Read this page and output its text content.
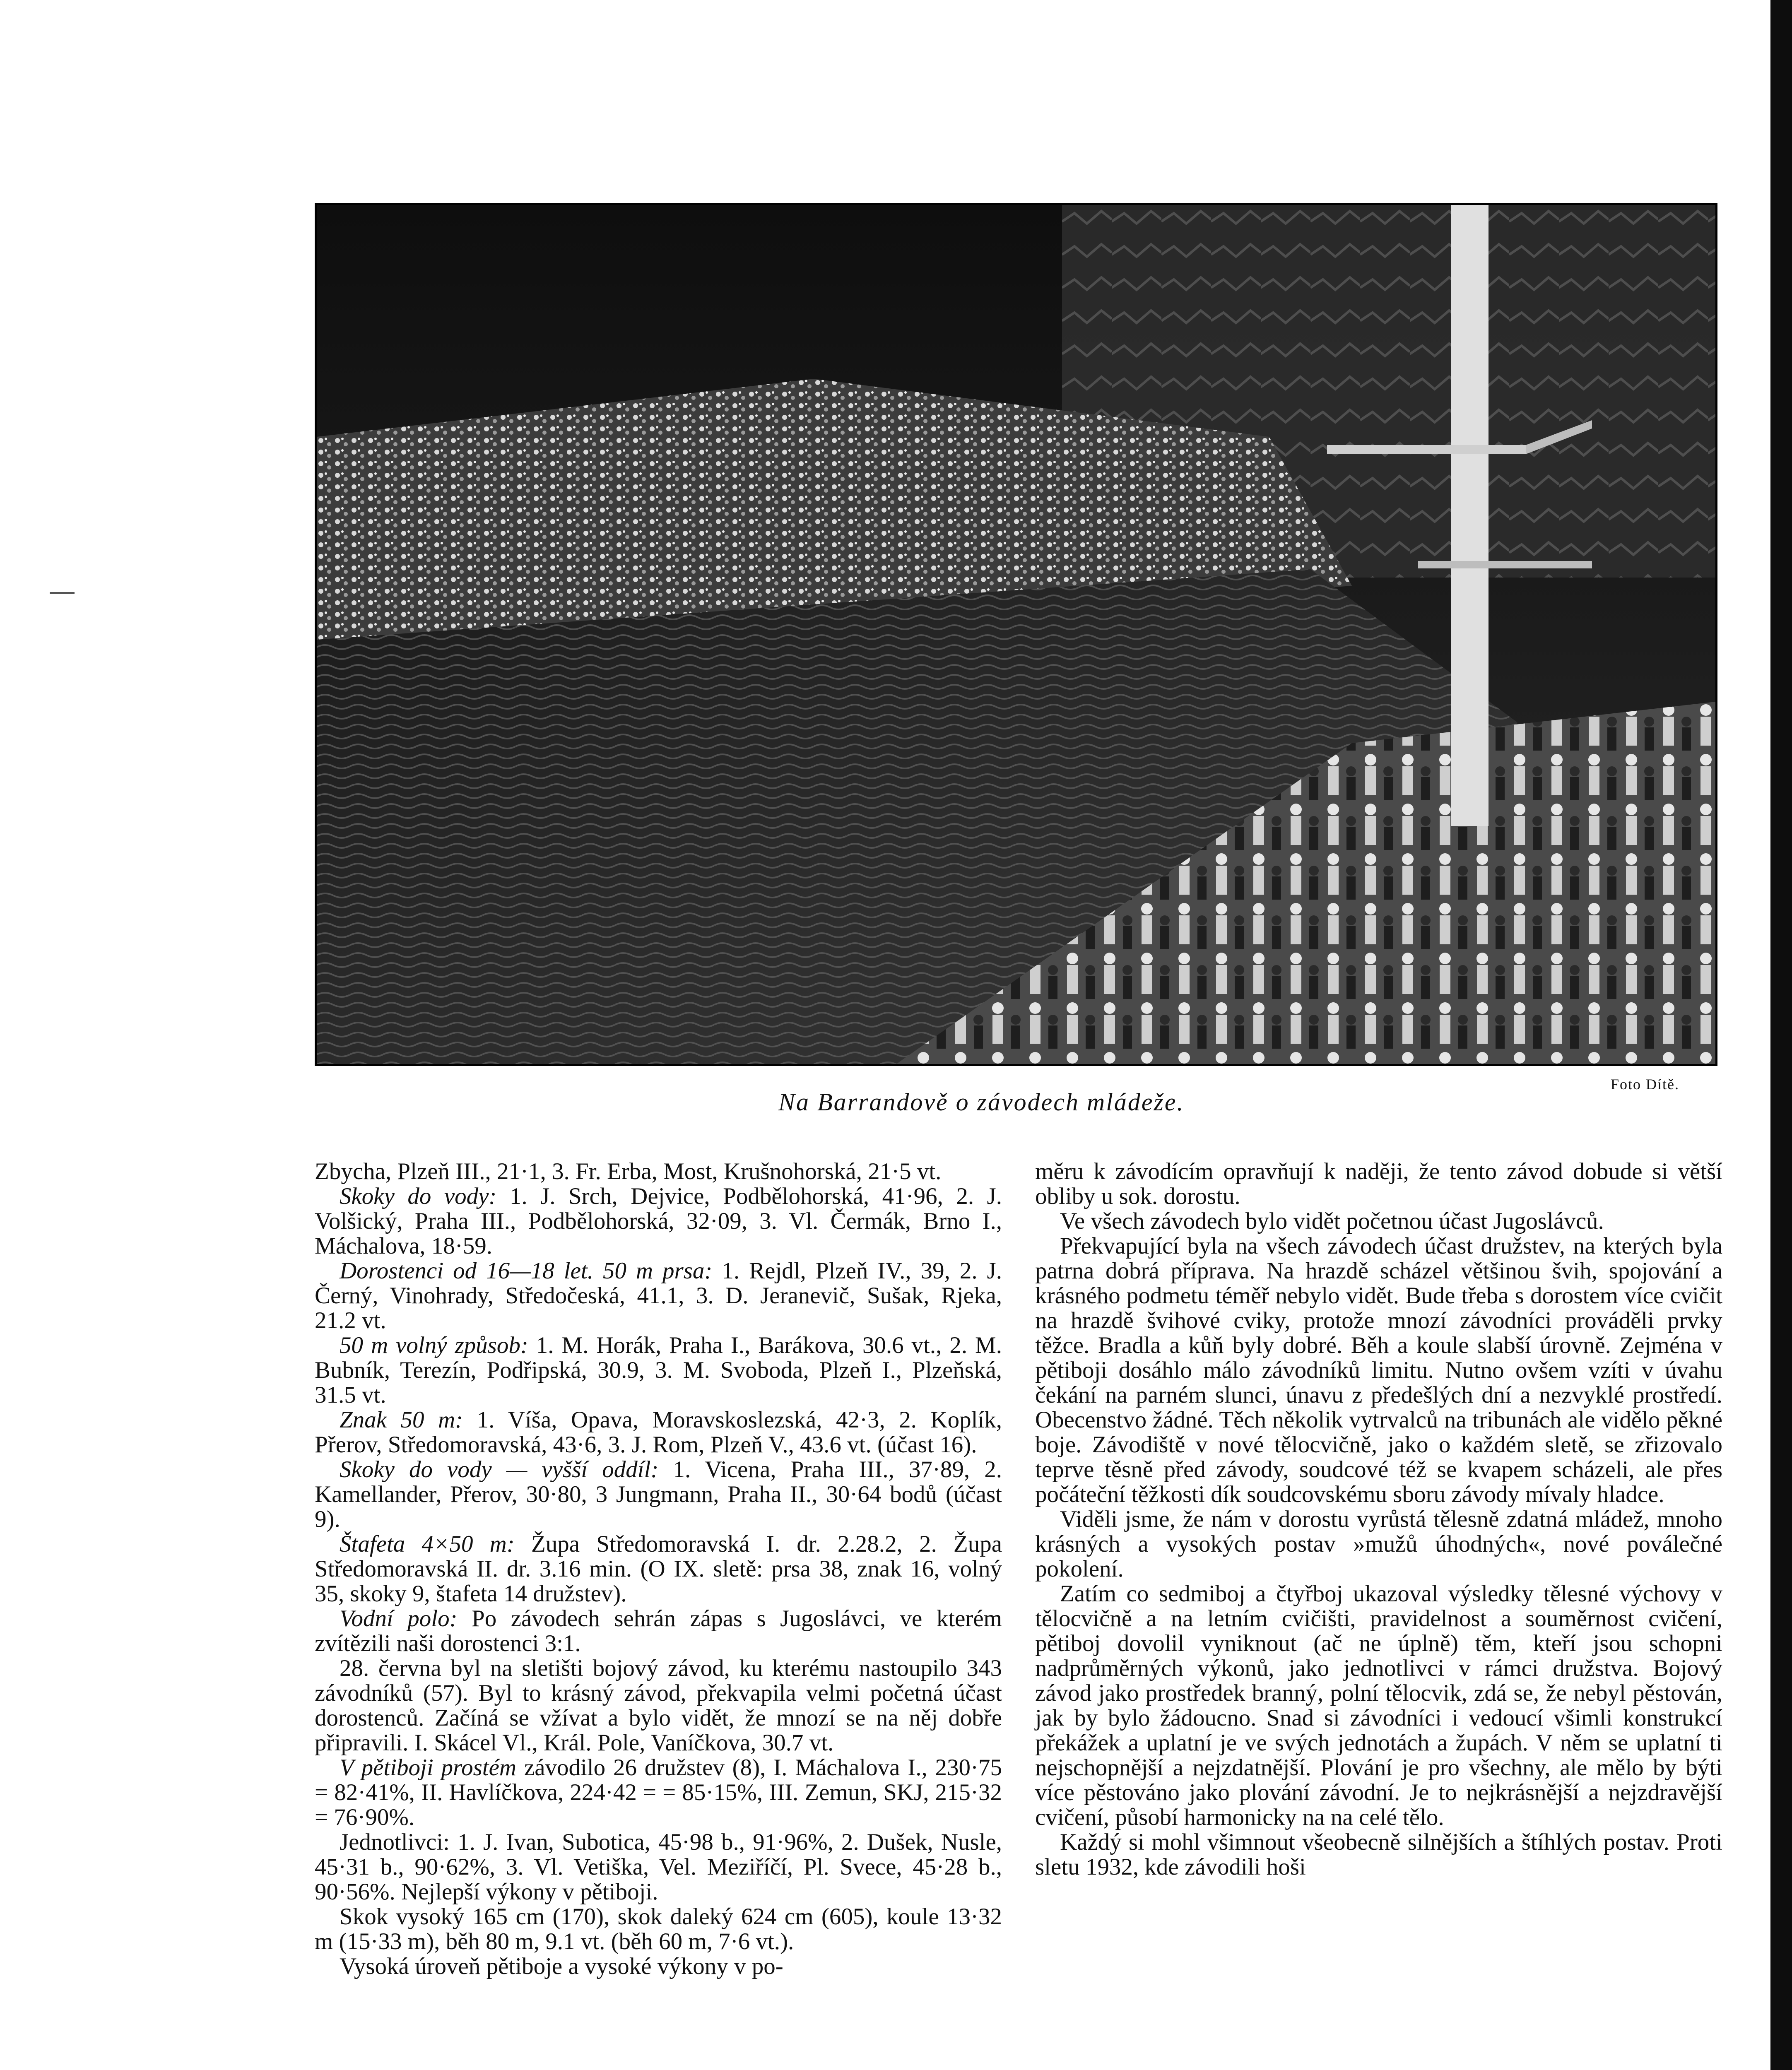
Na Barrandově o závodech mládeže.
Foto Dítě.

Zbycha, Plzeň III., 21·1, 3. Fr. Erba, Most, Krušnohorská, 21·5 vt.

Skoky do vody: 1. J. Srch, Dejvice, Podbělohorská, 41·96, 2. J. Volšický, Praha III., Podbělohorská, 32·09, 3. Vl. Čermák, Brno I., Máchalova, 18·59.

Dorostenci od 16—18 let. 50 m prsa: 1. Rejdl, Plzeň IV., 39, 2. J. Černý, Vinohrady, Středočeská, 41.1, 3. D. Jeranevič, Sušak, Rjeka, 21.2 vt.

50 m volný způsob: 1. M. Horák, Praha I., Barákova, 30.6 vt., 2. M. Bubník, Terezín, Podřipská, 30.9, 3. M. Svoboda, Plzeň I., Plzeňská, 31.5 vt.

Znak 50 m: 1. Víša, Opava, Moravskoslezská, 42·3, 2. Koplík, Přerov, Středomoravská, 43·6, 3. J. Rom, Plzeň V., 43.6 vt. (účast 16).

Skoky do vody — vyšší oddíl: 1. Vicena, Praha III., 37·89, 2. Kamellander, Přerov, 30·80, 3 Jungmann, Praha II., 30·64 bodů (účast 9).

Štafeta 4×50 m: Župa Středomoravská I. dr. 2.28.2, 2. Župa Středomoravská II. dr. 3.16 min. (O IX. sletě: prsa 38, znak 16, volný 35, skoky 9, štafeta 14 družstev).

Vodní polo: Po závodech sehrán zápas s Jugoslávci, ve kterém zvítězili naši dorostenci 3:1.

28. června byl na sletišti bojový závod, ku kterému nastoupilo 343 závodníků (57). Byl to krásný závod, překvapila velmi početná účast dorostenců. Začíná se vžívat a bylo vidět, že mnozí se na něj dobře připravili. I. Skácel Vl., Král. Pole, Vaníčkova, 30.7 vt.

V pětiboji prostém závodilo 26 družstev (8), I. Máchalova I., 230·75 = 82·41%, II. Havlíčkova, 224·42 = = 85·15%, III. Zemun, SKJ, 215·32 = 76·90%.

Jednotlivci: 1. J. Ivan, Subotica, 45·98 b., 91·96%, 2. Dušek, Nusle, 45·31 b., 90·62%, 3. Vl. Vetiška, Vel. Meziříčí, Pl. Svece, 45·28 b., 90·56%. Nejlepší výkony v pětiboji.

Skok vysoký 165 cm (170), skok daleký 624 cm (605), koule 13·32 m (15·33 m), běh 80 m, 9.1 vt. (běh 60 m, 7·6 vt.).

Vysoká úroveň pětiboje a vysoké výkony v po-

měru k závodícím opravňují k naději, že tento závod dobude si větší obliby u sok. dorostu.

Ve všech závodech bylo vidět početnou účast Jugoslávců.

Překvapující byla na všech závodech účast družstev, na kterých byla patrna dobrá příprava. Na hrazdě scházel většinou švih, spojování a krásného podmetu téměř nebylo vidět. Bude třeba s dorostem více cvičit na hrazdě švihové cviky, protože mnozí závodníci prováděli prvky těžce. Bradla a kůň byly dobré. Běh a koule slabší úrovně. Zejména v pětiboji dosáhlo málo závodníků limitu. Nutno ovšem vzíti v úvahu čekání na parném slunci, únavu z předešlých dní a nezvyklé prostředí. Obecenstvo žádné. Těch několik vytrvalců na tribunách ale vidělo pěkné boje. Závodiště v nové tělocvičně, jako o každém sletě, se zřizovalo teprve těsně před závody, soudcové též se kvapem scházeli, ale přes počáteční těžkosti dík soudcovskému sboru závody mívaly hladce.

Viděli jsme, že nám v dorostu vyrůstá tělesně zdatná mládež, mnoho krásných a vysokých postav »mužů úhodných«, nové poválečné pokolení.

Zatím co sedmiboj a čtyřboj ukazoval výsledky tělesné výchovy v tělocvičně a na letním cvičišti, pravidelnost a souměrnost cvičení, pětiboj dovolil vyniknout (ač ne úplně) těm, kteří jsou schopni nadprůměrných výkonů, jako jednotlivci v rámci družstva. Bojový závod jako prostředek branný, polní tělocvik, zdá se, že nebyl pěstován, jak by bylo žádoucno. Snad si závodníci i vedoucí všimli konstrukcí překážek a uplatní je ve svých jednotách a župách. V něm se uplatní ti nejschopnější a nejzdatnější. Plování je pro všechny, ale mělo by býti více pěstováno jako plování závodní. Je to nejkrásnější a nejzdravější cvičení, působí harmonicky na na celé tělo.

Každý si mohl všimnout všeobecně silnějších a štíhlých postav. Proti sletu 1932, kde závodili hoši
